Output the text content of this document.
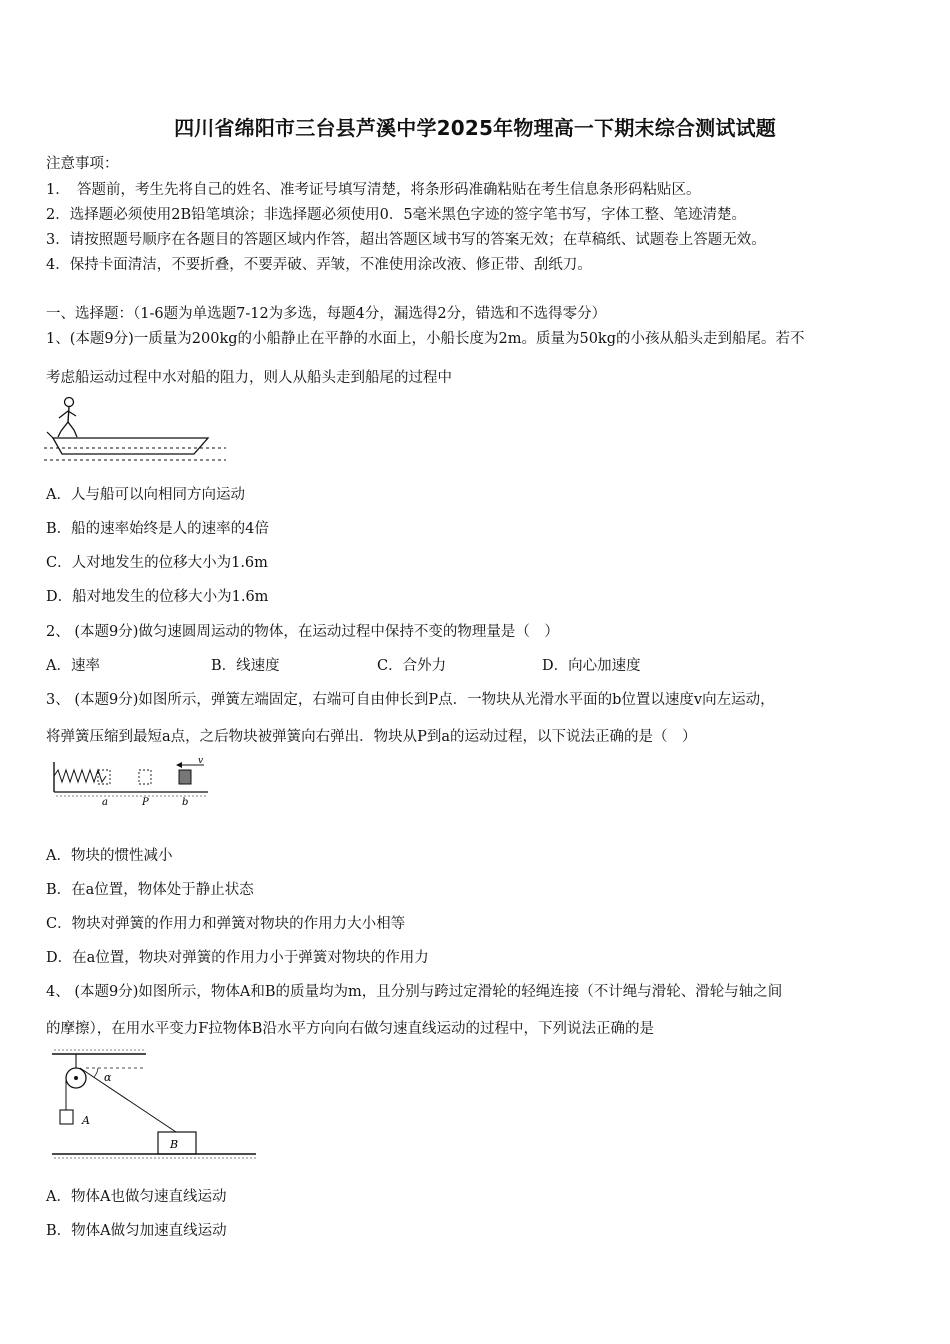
四川省绵阳市三台县芦溪中学2025年物理高一下期末综合测试试题
注意事项：
1．　答题前，考生先将自己的姓名、准考证号填写清楚，将条形码准确粘贴在考生信息条形码粘贴区。
2．选择题必须使用2B铅笔填涂；非选择题必须使用0．5毫米黑色字迹的签字笔书写，字体工整、笔迹清楚。
3．请按照题号顺序在各题目的答题区域内作答，超出答题区域书写的答案无效；在草稿纸、试题卷上答题无效。
4．保持卡面清洁，不要折叠，不要弄破、弄皱，不准使用涂改液、修正带、刮纸刀。
一、选择题：（1-6题为单选题7-12为多选，每题4分，漏选得2分，错选和不选得零分）
1、(本题9分)一质量为200kg的小船静止在平静的水面上，小船长度为2m。质量为50kg的小孩从船头走到船尾。若不
考虑船运动过程中水对船的阻力，则人从船头走到船尾的过程中
A．人与船可以向相同方向运动
B．船的速率始终是人的速率的4倍
C．人对地发生的位移大小为1.6m
D．船对地发生的位移大小为1.6m
2、 (本题9分)做匀速圆周运动的物体，在运动过程中保持不变的物理量是（　）
A．速率	B．线速度	C．合外力	D．向心加速度
3、 (本题9分)如图所示，弹簧左端固定，右端可自由伸长到P点．一物块从光滑水平面的b位置以速度v向左运动，
将弹簧压缩到最短a点，之后物块被弹簧向右弹出．物块从P到a的运动过程，以下说法正确的是（　）
v
a	P	b
A．物块的惯性减小
B．在a位置，物体处于静止状态
C．物块对弹簧的作用力和弹簧对物块的作用力大小相等
D．在a位置，物块对弹簧的作用力小于弹簧对物块的作用力
4、 (本题9分)如图所示，物体A和B的质量均为m，且分别与跨过定滑轮的轻绳连接（不计绳与滑轮、滑轮与轴之间
的摩擦），在用水平变力F拉物体B沿水平方向向右做匀速直线运动的过程中，下列说法正确的是
A
α
B
A．物体A也做匀速直线运动
B．物体A做匀加速直线运动
